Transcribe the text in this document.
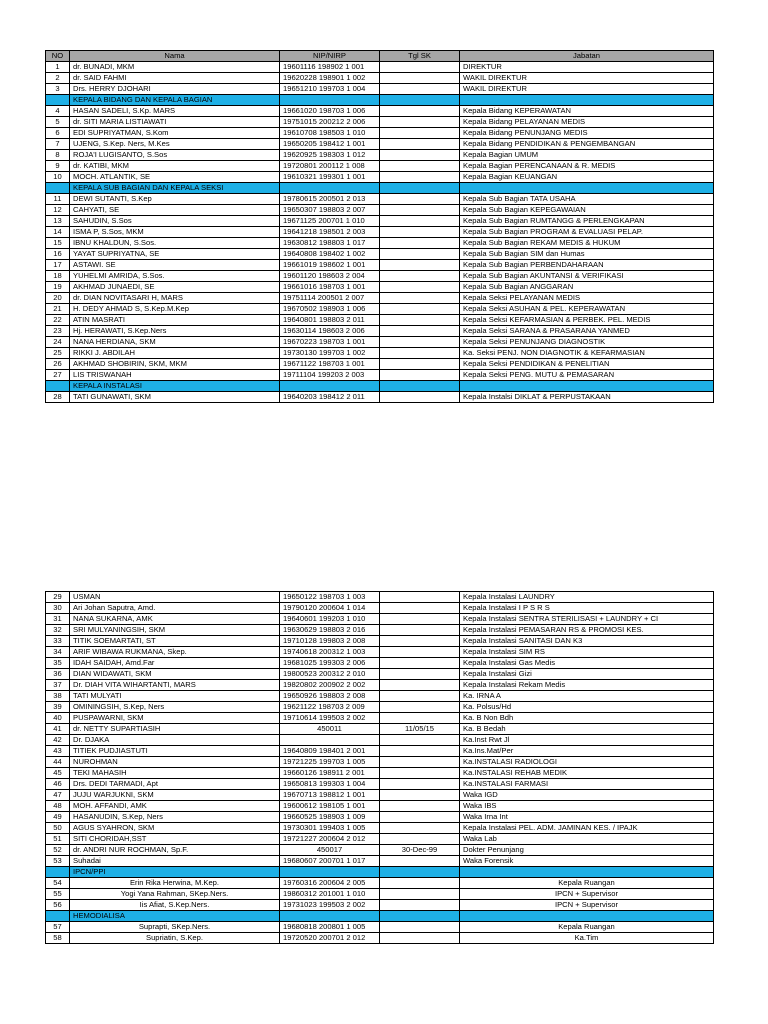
NO	Nama	NIP/NIRP	Tgl SK	Jabatan
1	dr. BUNADI, MKM	19601116 198902 1 001		DIREKTUR
2	dr. SAID FAHMI	19620228 198901 1 002		WAKIL DIREKTUR
3	Drs. HERRY DJOHARI	19651210 199703 1 004		WAKIL DIREKTUR
	KEPALA BIDANG DAN KEPALA BAGIAN			
4	HASAN SADELI, S.Kp. MARS	19661020 198703 1 006		Kepala Bidang KEPERAWATAN
5	dr. SITI MARIA LISTIAWATI	19751015 200212 2 006		Kepala Bidang PELAYANAN MEDIS
6	EDI SUPRIYATMAN, S.Kom	19610708 198503 1 010		Kepala Bidang PENUNJANG MEDIS
7	UJENG, S.Kep. Ners, M.Kes	19650205 198412 1 001		Kepala Bidang PENDIDIKAN & PENGEMBANGAN
8	ROJA'I LUGISANTO, S.Sos	19620925 198303 1 012		Kepala Bagian UMUM
9	dr. KATIBI, MKM	19720801 200112 1 008		Kepala Bagian PERENCANAAN & R. MEDIS
10	MOCH. ATLANTIK, SE	19610321 199301 1 001		Kepala Bagian KEUANGAN
	KEPALA SUB BAGIAN DAN KEPALA SEKSI			
11	DEWI SUTANTI, S.Kep	19780615 200501 2 013		Kepala Sub Bagian TATA USAHA
12	CAHYATI, SE	19650307 198803 2 007		Kepala Sub Bagian KEPEGAWAIAN
13	SAHUDIN, S.Sos	19671125 200701 1 010		Kepala Sub Bagian RUMTANGG & PERLENGKAPAN
14	ISMA P, S.Sos, MKM	19641218 198501 2 003		Kepala Sub Bagian PROGRAM & EVALUASI PELAP.
15	IBNU KHALDUN, S.Sos.	19630812 198803 1 017		Kepala Sub Bagian REKAM MEDIS & HUKUM
16	YAYAT SUPRIYATNA, SE	19640808 198402 1 002		Kepala Sub Bagian SIM dan Humas
17	ASTAWI. SE	19661019 198602 1 001		Kepala Sub Bagian PERBENDAHARAAN
18	YUHELMI AMRIDA, S.Sos.	19601120 198603 2 004		Kepala Sub Bagian AKUNTANSI & VERIFIKASI
19	AKHMAD JUNAEDI, SE	19661016 198703 1 001		Kepala Sub Bagian ANGGARAN
20	dr. DIAN NOVITASARI H, MARS	19751114 200501 2 007		Kepala Seksi PELAYANAN MEDIS
21	H. DEDY AHMAD S, S.Kep.M.Kep	19670502 198903 1 006		Kepala Seksi ASUHAN & PEL. KEPERAWATAN
22	ATIN MASRATI	19640801 198803 2 011		Kepala Seksi KEFARMASIAN & PERBEK. PEL. MEDIS
23	Hj. HERAWATI, S.Kep.Ners	19630114 198603 2 006		Kepala Seksi SARANA & PRASARANA YANMED
24	NANA HERDIANA, SKM	19670223 198703 1 001		Kepala Seksi PENUNJANG DIAGNOSTIK
25	RIKKI J. ABDILAH	19730130 199703 1 002		Ka. Seksi PENJ. NON DIAGNOTIK & KEFARMASIAN
26	AKHMAD SHOBIRIN, SKM, MKM	19671122 198703 1 001		Kepala Seksi PENDIDIKAN & PENELITIAN
27	LIS TRISWANAH	19711104 199203 2 003		Kepala Seksi PENG. MUTU & PEMASARAN
	KEPALA INSTALASI			
28	TATI GUNAWATI, SKM	19640203 198412 2 011		Kepala Instalsi DIKLAT & PERPUSTAKAAN
29	USMAN	19650122 198703 1 003		Kepala Instalasi LAUNDRY
30	Ari Johan Saputra, Amd.	19790120 200604 1 014		Kepala Instalasi I P S R S
31	NANA SUKARNA, AMK	19640601 199203 1 010		Kepala Instalasi SENTRA STERILISASI + LAUNDRY + CI
32	SRI MULYANINGSIH, SKM	19630629 198803 2 016		Kepala Instalasi PEMASARAN RS & PROMOSI KES.
33	TITIK SOEMARTATI, ST	19710128 199803 2 008		Kepala Instalasi SANITASI DAN K3
34	ARIF WIBAWA RUKMANA, Skep.	19740618 200312 1 003		Kepala Instalasi SIM RS
35	IDAH SAIDAH, Amd.Far	19681025 199303 2 006		Kepala Instalasi Gas Medis
36	DIAN WIDAWATI, SKM	19800523 200312 2 010		Kepala Instalasi Gizi
37	Dr. DIAH VITA WIHARTANTI, MARS	19820802 200902 2 002		Kepala Instalasi Rekam Medis
38	TATI MULYATI	19650926 198803 2 008		Ka. IRNA A
39	OMININGSIH, S.Kep, Ners	19621122 198703 2 009		Ka. Polsus/Hd
40	PUSPAWARNI, SKM	19710614 199503 2 002		Ka. B Non Bdh
41	dr. NETTY SUPARTIASIH	450011	11/05/15	Ka. B Bedah
42	Dr. DJAKA			Ka.Inst Rwt Jl
43	TITIEK PUDJIASTUTI	19640809 198401 2 001		Ka.Ins.Mat/Per
44	NUROHMAN	19721225 199703 1 005		Ka.INSTALASI RADIOLOGI
45	TEKI MAHASIH	19660126 198911 2 001		Ka.INSTALASI REHAB MEDIK
46	Drs. DEDI TARMADI, Apt	19650813 199303 1 004		Ka.INSTALASI FARMASI
47	JUJU WARJUKNI, SKM	19670713 198812 1 001		Waka IGD
48	MOH. AFFANDI, AMK	19600612 198105 1 001		Waka IBS
49	HASANUDIN, S.Kep, Ners	19660525 198903 1 009		Waka Irna Int
50	AGUS SYAHRON, SKM	19730301 199403 1 005		Kepala Instalasi PEL. ADM. JAMINAN KES. / IPAJK
51	SITI CHORIDAH,SST	19721227 200604 2 012		Waka Lab
52	dr. ANDRI NUR ROCHMAN, Sp.F.	450017	30-Dec-99	Dokter Penunjang
53	Suhadai	19680607 200701 1 017		Waka Forensik
	IPCN/PPI			
54	Erin Rika Herwina, M.Kep.	19760316 200604 2 005		Kepala Ruangan
55	Yogi Yana Rahman, SKep.Ners.	19860312 201001 1 010		IPCN + Supervisor
56	Iis Afiat, S.Kep.Ners.	19731023 199503 2 002		IPCN + Supervisor
	HEMODIALISA			
57	Suprapti, SKep.Ners.	19680818 200801 1 005		Kepala Ruangan
58	Supriatin, S.Kep.	19720520 200701 2 012		Ka.Tim
